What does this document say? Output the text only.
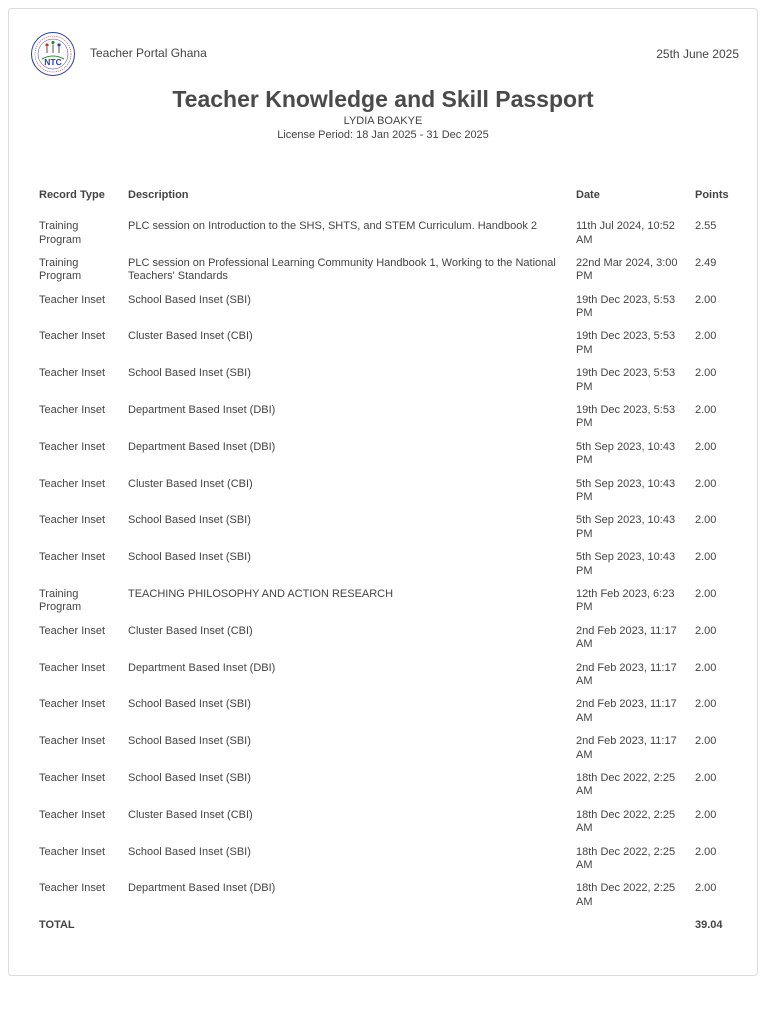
NTC
Teacher Portal Ghana	25th June 2025
Teacher Knowledge and Skill Passport
LYDIA BOAKYE
License Period: 18 Jan 2025 - 31 Dec 2025
Record Type	Description	Date	Points
Training Program	PLC session on Introduction to the SHS, SHTS, and STEM Curriculum. Handbook 2	11th Jul 2024, 10:52 AM	2.55
Training Program	PLC session on Professional Learning Community Handbook 1, Working to the National Teachers' Standards	22nd Mar 2024, 3:00 PM	2.49
Teacher Inset	School Based Inset (SBI)	19th Dec 2023, 5:53 PM	2.00
Teacher Inset	Cluster Based Inset (CBI)	19th Dec 2023, 5:53 PM	2.00
Teacher Inset	School Based Inset (SBI)	19th Dec 2023, 5:53 PM	2.00
Teacher Inset	Department Based Inset (DBI)	19th Dec 2023, 5:53 PM	2.00
Teacher Inset	Department Based Inset (DBI)	5th Sep 2023, 10:43 PM	2.00
Teacher Inset	Cluster Based Inset (CBI)	5th Sep 2023, 10:43 PM	2.00
Teacher Inset	School Based Inset (SBI)	5th Sep 2023, 10:43 PM	2.00
Teacher Inset	School Based Inset (SBI)	5th Sep 2023, 10:43 PM	2.00
Training Program	TEACHING PHILOSOPHY AND ACTION RESEARCH	12th Feb 2023, 6:23 PM	2.00
Teacher Inset	Cluster Based Inset (CBI)	2nd Feb 2023, 11:17 AM	2.00
Teacher Inset	Department Based Inset (DBI)	2nd Feb 2023, 11:17 AM	2.00
Teacher Inset	School Based Inset (SBI)	2nd Feb 2023, 11:17 AM	2.00
Teacher Inset	School Based Inset (SBI)	2nd Feb 2023, 11:17 AM	2.00
Teacher Inset	School Based Inset (SBI)	18th Dec 2022, 2:25 AM	2.00
Teacher Inset	Cluster Based Inset (CBI)	18th Dec 2022, 2:25 AM	2.00
Teacher Inset	School Based Inset (SBI)	18th Dec 2022, 2:25 AM	2.00
Teacher Inset	Department Based Inset (DBI)	18th Dec 2022, 2:25 AM	2.00
TOTAL			39.04
